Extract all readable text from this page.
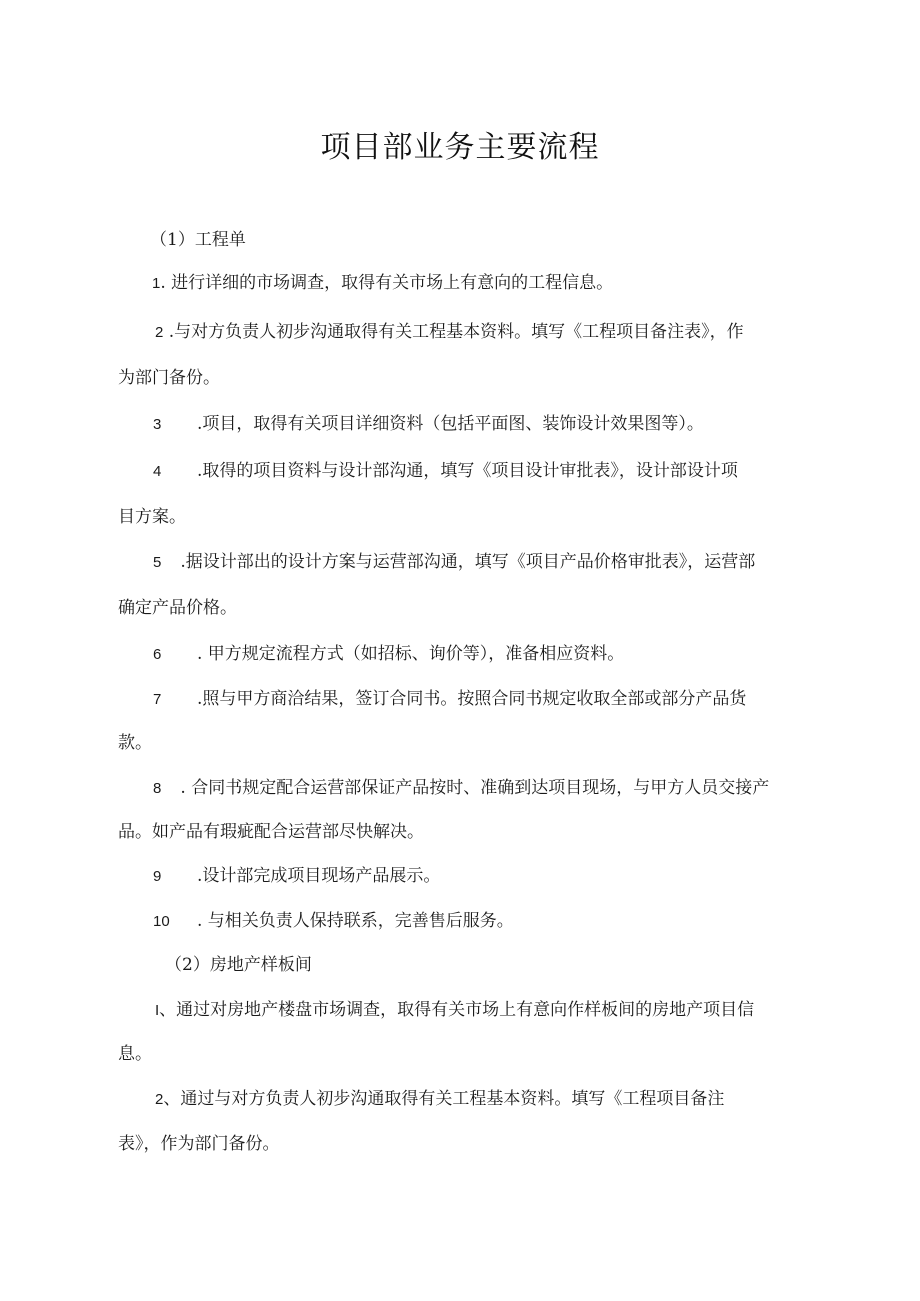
项目部业务主要流程
（1）工程单
1. 进行详细的市场调查，取得有关市场上有意向的工程信息。
2 .与对方负责人初步沟通取得有关工程基本资料。填写《工程项目备注表》，作
为部门备份。
3 .项目，取得有关项目详细资料（包括平面图、装饰设计效果图等）。
4 .取得的项目资料与设计部沟通，填写《项目设计审批表》，设计部设计项
目方案。
5 .据设计部出的设计方案与运营部沟通，填写《项目产品价格审批表》，运营部
确定产品价格。
6 . 甲方规定流程方式（如招标、询价等），准备相应资料。
7 .照与甲方商洽结果，签订合同书。按照合同书规定收取全部或部分产品货
款。
8 . 合同书规定配合运营部保证产品按时、准确到达项目现场，与甲方人员交接产
品。如产品有瑕疵配合运营部尽快解决。
9 .设计部完成项目现场产品展示。
10 . 与相关负责人保持联系，完善售后服务。
（2）房地产样板间
I、通过对房地产楼盘市场调查，取得有关市场上有意向作样板间的房地产项目信
息。
2、通过与对方负责人初步沟通取得有关工程基本资料。填写《工程项目备注
表》，作为部门备份。
